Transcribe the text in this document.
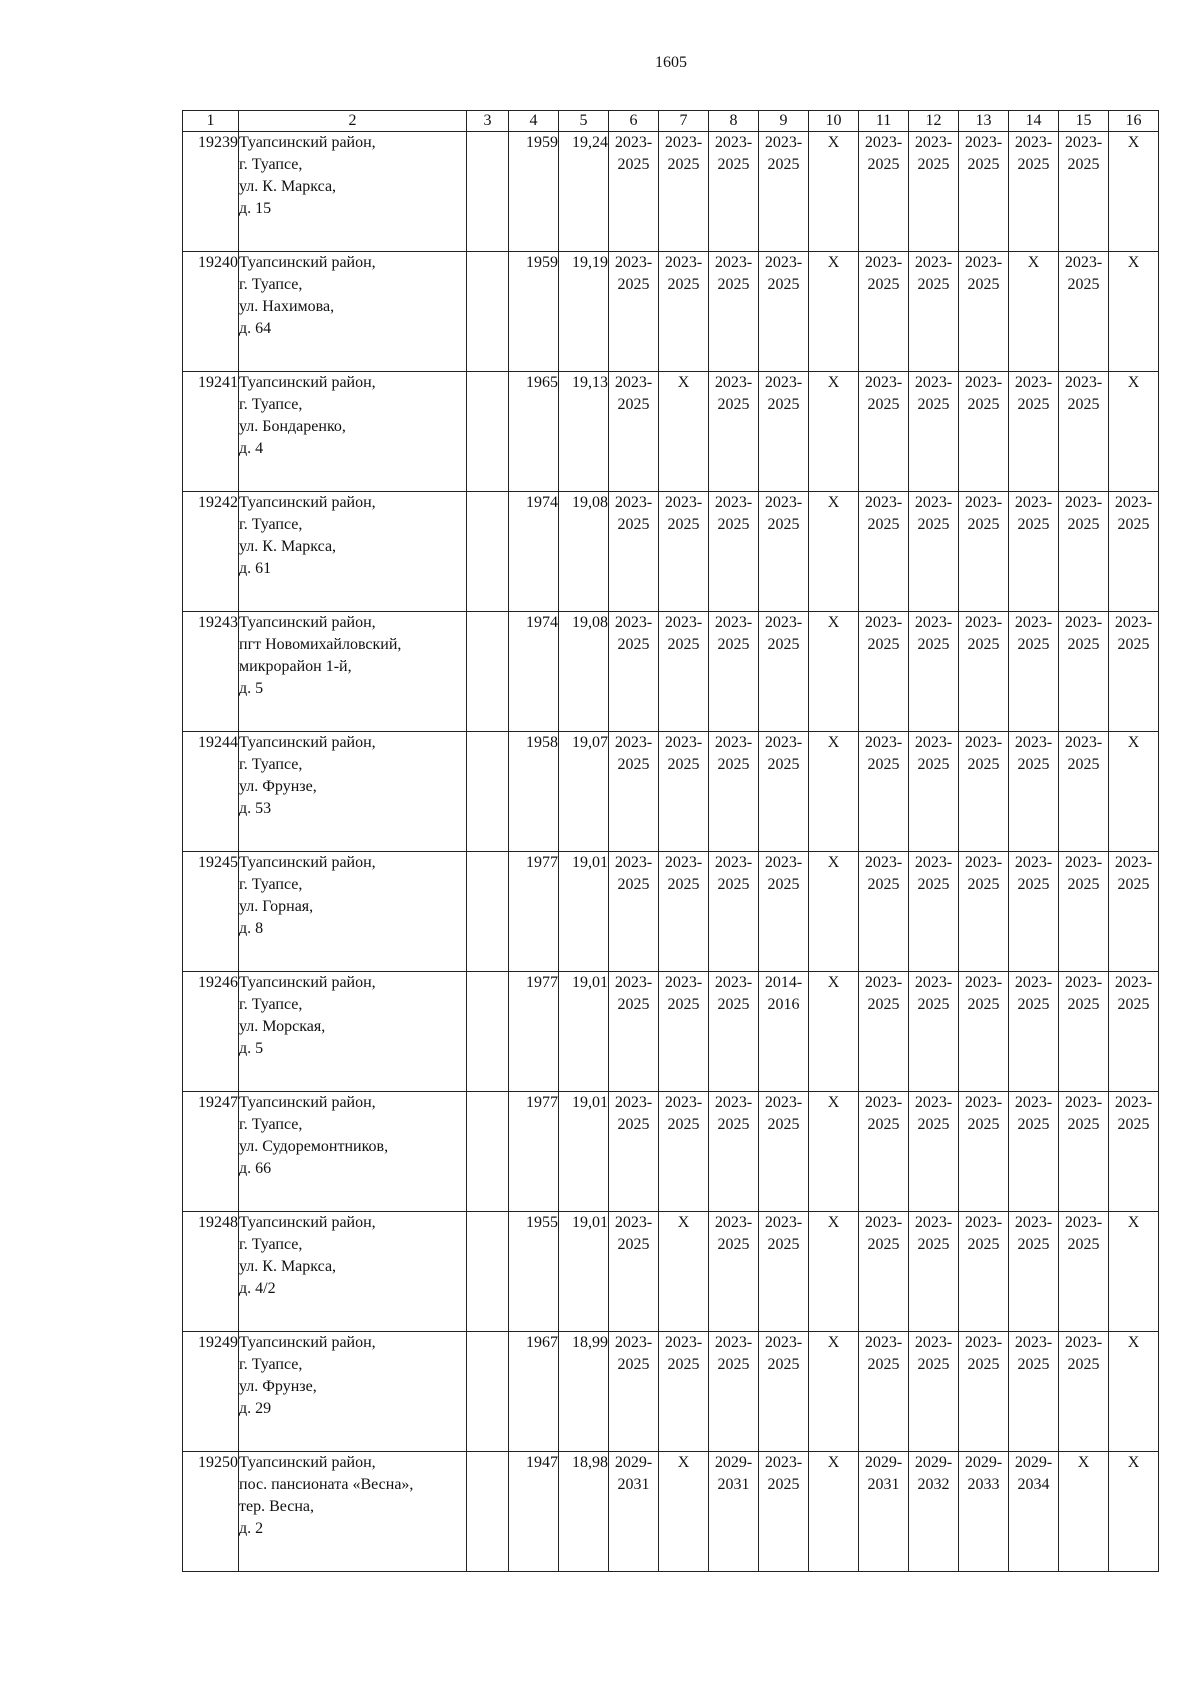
1605
1	2	3	4	5	6	7	8	9	10	11	12	13	14	15	16
19239	Туапсинский район,
г. Туапсе,
ул. К. Маркса,
д. 15		1959	19,24	2023-
2025	2023-
2025	2023-
2025	2023-
2025	Х	2023-
2025	2023-
2025	2023-
2025	2023-
2025	2023-
2025	Х
19240	Туапсинский район,
г. Туапсе,
ул. Нахимова,
д. 64		1959	19,19	2023-
2025	2023-
2025	2023-
2025	2023-
2025	Х	2023-
2025	2023-
2025	2023-
2025	Х	2023-
2025	Х
19241	Туапсинский район,
г. Туапсе,
ул. Бондаренко,
д. 4		1965	19,13	2023-
2025	Х	2023-
2025	2023-
2025	Х	2023-
2025	2023-
2025	2023-
2025	2023-
2025	2023-
2025	Х
19242	Туапсинский район,
г. Туапсе,
ул. К. Маркса,
д. 61		1974	19,08	2023-
2025	2023-
2025	2023-
2025	2023-
2025	Х	2023-
2025	2023-
2025	2023-
2025	2023-
2025	2023-
2025	2023-
2025
19243	Туапсинский район,
пгт Новомихайловский,
микрорайон 1-й,
д. 5		1974	19,08	2023-
2025	2023-
2025	2023-
2025	2023-
2025	Х	2023-
2025	2023-
2025	2023-
2025	2023-
2025	2023-
2025	2023-
2025
19244	Туапсинский район,
г. Туапсе,
ул. Фрунзе,
д. 53		1958	19,07	2023-
2025	2023-
2025	2023-
2025	2023-
2025	Х	2023-
2025	2023-
2025	2023-
2025	2023-
2025	2023-
2025	Х
19245	Туапсинский район,
г. Туапсе,
ул. Горная,
д. 8		1977	19,01	2023-
2025	2023-
2025	2023-
2025	2023-
2025	Х	2023-
2025	2023-
2025	2023-
2025	2023-
2025	2023-
2025	2023-
2025
19246	Туапсинский район,
г. Туапсе,
ул. Морская,
д. 5		1977	19,01	2023-
2025	2023-
2025	2023-
2025	2014-
2016	Х	2023-
2025	2023-
2025	2023-
2025	2023-
2025	2023-
2025	2023-
2025
19247	Туапсинский район,
г. Туапсе,
ул. Судоремонтников,
д. 66		1977	19,01	2023-
2025	2023-
2025	2023-
2025	2023-
2025	Х	2023-
2025	2023-
2025	2023-
2025	2023-
2025	2023-
2025	2023-
2025
19248	Туапсинский район,
г. Туапсе,
ул. К. Маркса,
д. 4/2		1955	19,01	2023-
2025	Х	2023-
2025	2023-
2025	Х	2023-
2025	2023-
2025	2023-
2025	2023-
2025	2023-
2025	Х
19249	Туапсинский район,
г. Туапсе,
ул. Фрунзе,
д. 29		1967	18,99	2023-
2025	2023-
2025	2023-
2025	2023-
2025	Х	2023-
2025	2023-
2025	2023-
2025	2023-
2025	2023-
2025	Х
19250	Туапсинский район,
пос. пансионата «Весна»,
тер. Весна,
д. 2		1947	18,98	2029-
2031	Х	2029-
2031	2023-
2025	Х	2029-
2031	2029-
2032	2029-
2033	2029-
2034	Х	Х
